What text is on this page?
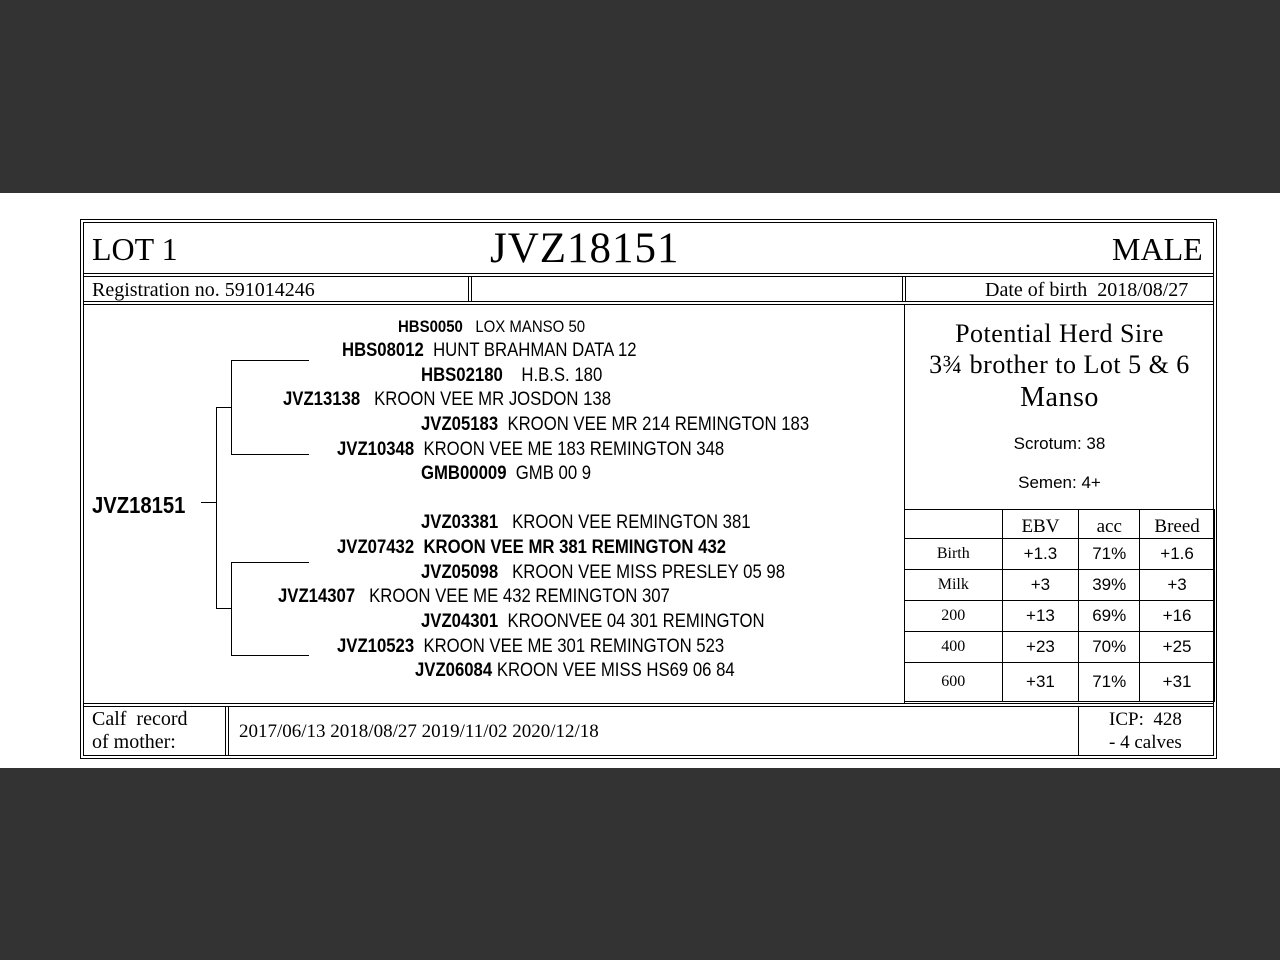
LOT 1	JVZ18151	MALE
Registration no. 591014246	Date of birth 2018/08/27
JVZ18151
HBS0050 LOX MANSO 50
HBS08012 HUNT BRAHMAN DATA 12
HBS02180 H.B.S. 180
JVZ13138 KROON VEE MR JOSDON 138
JVZ05183 KROON VEE MR 214 REMINGTON 183
JVZ10348 KROON VEE ME 183 REMINGTON 348
GMB00009 GMB 00 9
JVZ03381 KROON VEE REMINGTON 381
JVZ07432 KROON VEE MR 381 REMINGTON 432
JVZ05098 KROON VEE MISS PRESLEY 05 98
JVZ14307 KROON VEE ME 432 REMINGTON 307
JVZ04301 KROONVEE 04 301 REMINGTON
JVZ10523 KROON VEE ME 301 REMINGTON 523
JVZ06084 KROON VEE MISS HS69 06 84
Potential Herd Sire
3¾ brother to Lot 5 & 6
Manso
Scrotum: 38
Semen: 4+
	EBV	acc	Breed
Birth	+1.3	71%	+1.6
Milk	+3	39%	+3
200	+13	69%	+16
400	+23	70%	+25
600	+31	71%	+31
Calf  record
of mother:	2017/06/13 2018/08/27 2019/11/02 2020/12/18
ICP:  428
- 4 calves
